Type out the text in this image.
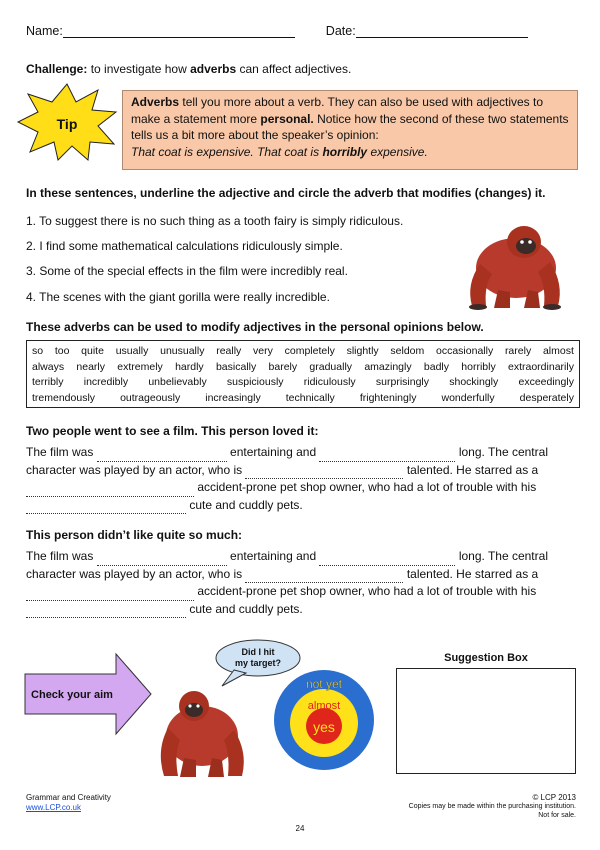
Name:	Date:
Challenge: to investigate how adverbs can affect adjectives.
Tip

Adverbs tell you more about a verb. They can also be used with adjectives to make a statement more personal. Notice how the second of these two statements tells us a bit more about the speaker’s opinion:

That coat is expensive. That coat is horribly expensive.

In these sentences, underline the adjective and circle the adverb that modifies (changes) it.
1. To suggest there is no such thing as a tooth fairy is simply ridiculous.
2. I find some mathematical calculations ridiculously simple.
3. Some of the special effects in the film were incredibly real.
4. The scenes with the giant gorilla were really incredible.
These adverbs can be used to modify adjectives in the personal opinions below.
so too quite usually unusually really very completely slightly seldom occasionally rarely almost
always nearly extremely hardly basically barely gradually amazingly badly horribly extraordinarily
terribly incredibly unbelievably suspiciously ridiculously surprisingly shockingly exceedingly
tremendously outrageously increasingly technically frighteningly wonderfully desperately
Two people went to see a film. This person loved it:
The film was	entertaining and	long. The central
character was played by an actor, who is	talented. He starred as a
accident-prone pet shop owner, who had a lot of trouble with his
cute and cuddly pets.
This person didn’t like quite so much:
The film was	entertaining and	long. The central
character was played by an actor, who is	talented. He starred as a
accident-prone pet shop owner, who had a lot of trouble with his
cute and cuddly pets.
Check your aim
Did I hit
my target?
not yet
almost
yes
Suggestion Box
Grammar and Creativity
www.LCP.co.uk
© LCP 2013
Copies may be made within the purchasing institution.
Not for sale.
24
